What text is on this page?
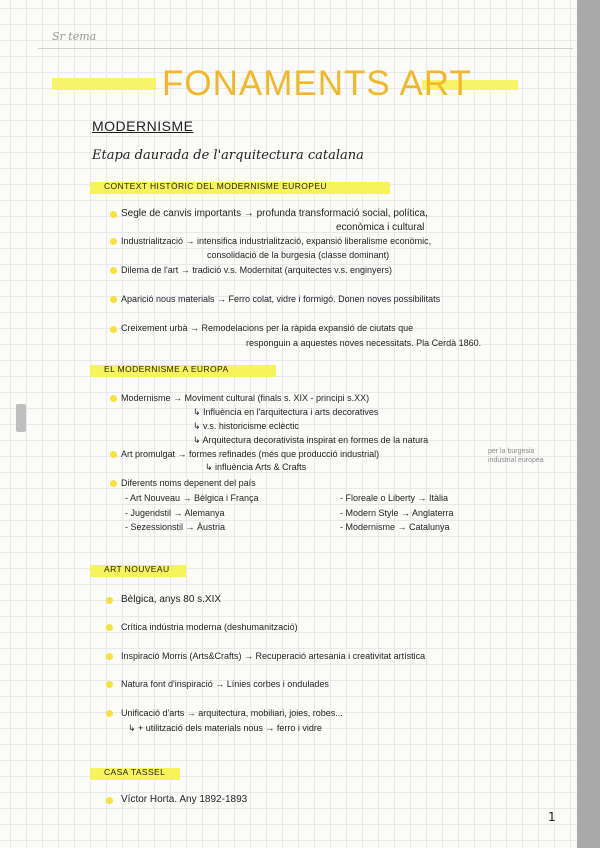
Sr tema
FONAMENTS ART
MODERNISME
Etapa daurada de l'arquitectura catalana
CONTEXT HISTÒRIC DEL MODERNISME EUROPEU
Segle de canvis importants → profunda transformació social, política,
econòmica i cultural
Industrialització → intensifica industrialització, expansió liberalisme econòmic,
consolidació de la burgesia (classe dominant)
Dilema de l'art → tradició v.s. Modernitat (arquitectes v.s. enginyers)
Aparició nous materials → Ferro colat, vidre i formigó. Donen noves possibilitats
Creixement urbà → Remodelacions per la ràpida expansió de ciutats que
responguin a aquestes noves necessitats. Pla Cerdà 1860.
EL MODERNISME A EUROPA
Modernisme → Moviment cultural (finals s. XIX - principi s.XX)
↳ Influència en l'arquitectura i arts decoratives
↳ v.s. historicisme eclèctic
↳ Arquitectura decorativista inspirat en formes de la natura
Art promulgat → formes refinades (més que producció industrial)
↳ influència Arts & Crafts
per la burgesia
industrial europea
Diferents noms depenent del país
- Art Nouveau → Bèlgica i França
- Jugendstil → Alemanya
- Sezessionstil → Àustria
- Floreale o Liberty → Itàlia
- Modern Style → Anglaterra
- Modernisme → Catalunya
ART NOUVEAU
Bèlgica, anys 80 s.XIX
Crítica indústria moderna (deshumanització)
Inspiració Morris (Arts&Crafts) → Recuperació artesania i creativitat artística
Natura font d'inspiració → Línies corbes i ondulades
Unificació d'arts → arquitectura, mobiliari, joies, robes...
↳ + utilització dels materials nous → ferro i vidre
CASA TASSEL
Víctor Horta. Any 1892-1893
1
